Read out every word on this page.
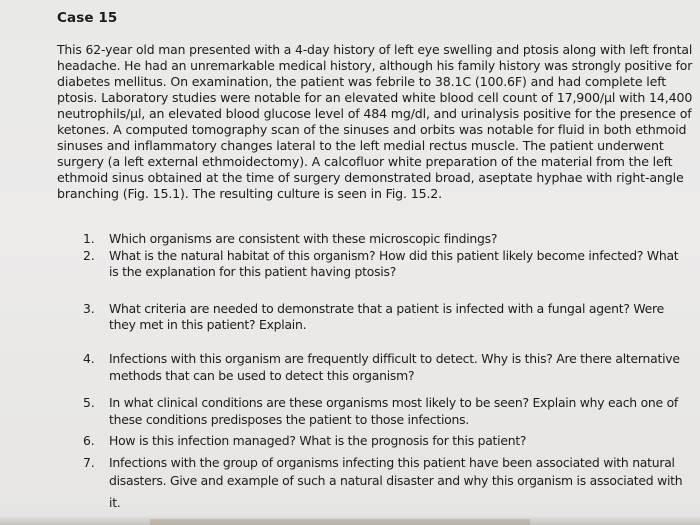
Case 15
This 62-year old man presented with a 4-day history of left eye swelling and ptosis along with left frontal
headache. He had an unremarkable medical history, although his family history was strongly positive for
diabetes mellitus. On examination, the patient was febrile to 38.1C (100.6F) and had complete left
ptosis. Laboratory studies were notable for an elevated white blood cell count of 17,900/µl with 14,400
neutrophils/µl, an elevated blood glucose level of 484 mg/dl, and urinalysis positive for the presence of
ketones. A computed tomography scan of the sinuses and orbits was notable for fluid in both ethmoid
sinuses and inflammatory changes lateral to the left medial rectus muscle. The patient underwent
surgery (a left external ethmoidectomy). A calcofluor white preparation of the material from the left
ethmoid sinus obtained at the time of surgery demonstrated broad, aseptate hyphae with right-angle
branching (Fig. 15.1). The resulting culture is seen in Fig. 15.2.
1. Which organisms are consistent with these microscopic findings?
2. What is the natural habitat of this organism? How did this patient likely become infected? What
is the explanation for this patient having ptosis?
3. What criteria are needed to demonstrate that a patient is infected with a fungal agent? Were
they met in this patient? Explain.
4. Infections with this organism are frequently difficult to detect. Why is this? Are there alternative
methods that can be used to detect this organism?
5. In what clinical conditions are these organisms most likely to be seen? Explain why each one of
these conditions predisposes the patient to those infections.
6. How is this infection managed? What is the prognosis for this patient?
7. Infections with the group of organisms infecting this patient have been associated with natural
disasters. Give and example of such a natural disaster and why this organism is associated with
it.
